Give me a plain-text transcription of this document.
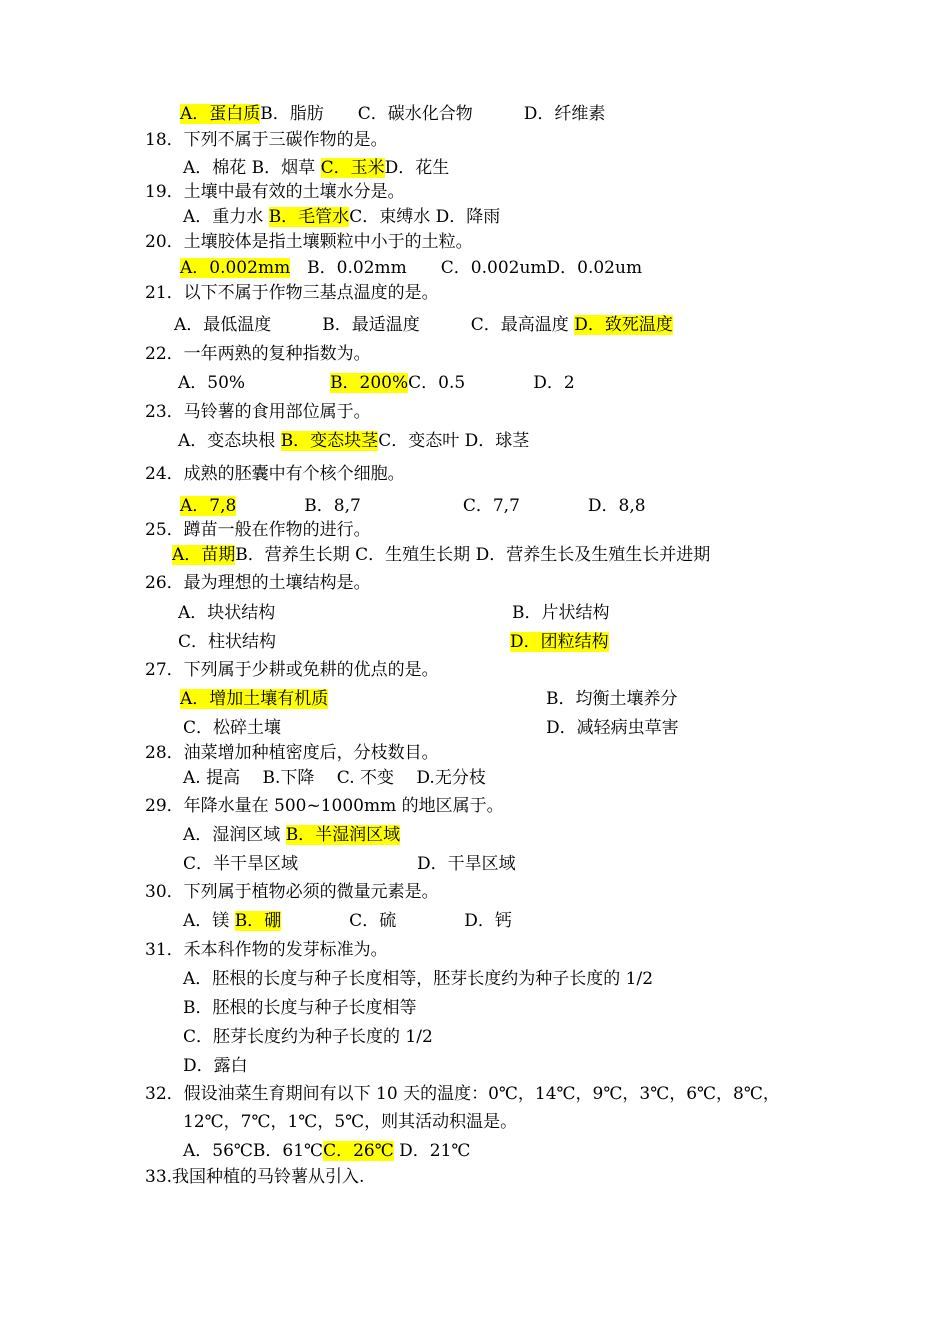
A．蛋白质B．脂肪　　C．碳水化合物　　　D．纤维素
18．下列不属于三碳作物的是。
A．棉花 B．烟草 C．玉米D．花生
19．土壤中最有效的土壤水分是。
A．重力水 B．毛管水C．束缚水 D．降雨
20．土壤胶体是指土壤颗粒中小于的土粒。
A．0.002mm　B．0.02mm　　C．0.002umD．0.02um
21．以下不属于作物三基点温度的是。
A．最低温度　　　B．最适温度　　　C．最高温度 D．致死温度
22．一年两熟的复种指数为。
A．50%　　　　　B．200%C．0.5　　　　D．2
23．马铃薯的食用部位属于。
A．变态块根 B．变态块茎C．变态叶 D．球茎
24．成熟的胚囊中有个核个细胞。
A．7,8　　　　B．8,7　　　　　　C．7,7　　　　D．8,8
25．蹲苗一般在作物的进行。
A．苗期B．营养生长期 C．生殖生长期 D．营养生长及生殖生长并进期
26．最为理想的土壤结构是。
A．块状结构	B．片状结构
C．柱状结构	D．团粒结构
27．下列属于少耕或免耕的优点的是。
A．增加土壤有机质	B．均衡土壤养分
C．松碎土壤	D．减轻病虫草害
28．油菜增加种植密度后，分枝数目。
A. 提高　 B.下降　 C. 不变　 D.无分枝
29．年降水量在 500~1000mm 的地区属于。
A．湿润区域 B．半湿润区域
C．半干旱区域　　　　　　　D．干旱区域
30．下列属于植物必须的微量元素是。
A．镁 B．硼　　　　C．硫　　　　D．钙
31．禾本科作物的发芽标准为。
A．胚根的长度与种子长度相等，胚芽长度约为种子长度的 1/2
B．胚根的长度与种子长度相等
C．胚芽长度约为种子长度的 1/2
D．露白
32．假设油菜生育期间有以下 10 天的温度：0℃，14℃，9℃，3℃，6℃，8℃，
12℃，7℃，1℃，5℃，则其活动积温是。
A．56℃B．61℃C．26℃ D．21℃
33.我国种植的马铃薯从引入.
